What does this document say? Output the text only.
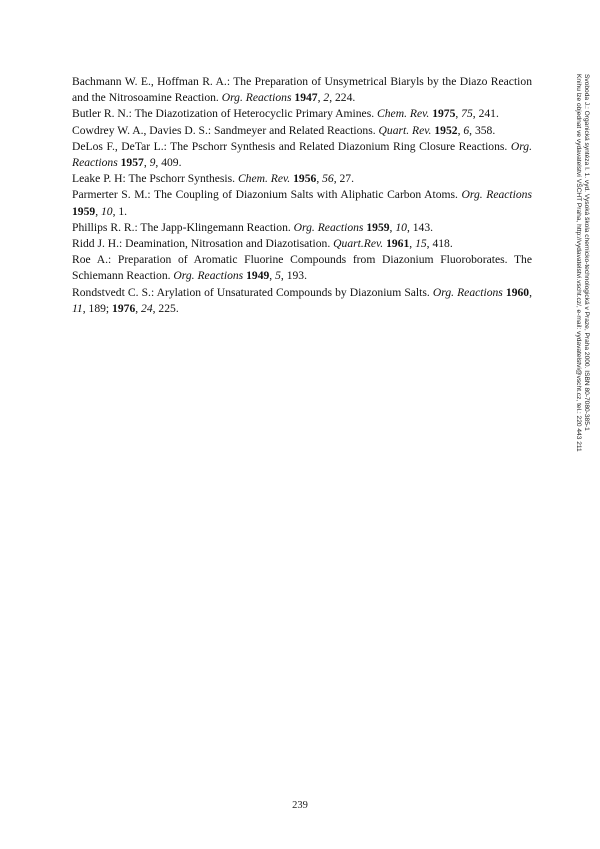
Bachmann W. E., Hoffman R. A.: The Preparation of Unsymetrical Biaryls by the Diazo Reaction and the Nitrosoamine Reaction. Org. Reactions 1947, 2, 224.

Butler R. N.: The Diazotization of Heterocyclic Primary Amines. Chem. Rev. 1975, 75, 241.

Cowdrey W. A., Davies D. S.: Sandmeyer and Related Reactions. Quart. Rev. 1952, 6, 358.

DeLos F., DeTar L.: The Pschorr Synthesis and Related Diazonium Ring Closure Reactions. Org. Reactions 1957, 9, 409.

Leake P. H: The Pschorr Synthesis. Chem. Rev. 1956, 56, 27.

Parmerter S. M.: The Coupling of Diazonium Salts with Aliphatic Carbon Atoms. Org. Reactions 1959, 10, 1.

Phillips R. R.: The Japp-Klingemann Reaction. Org. Reactions 1959, 10, 143.

Ridd J. H.: Deamination, Nitrosation and Diazotisation. Quart.Rev. 1961, 15, 418.

Roe A.: Preparation of Aromatic Fluorine Compounds from Diazonium Fluoroborates. The Schiemann Reaction. Org. Reactions 1949, 5, 193.

Rondstvedt C. S.: Arylation of Unsaturated Compounds by Diazonium Salts. Org. Reactions 1960, 11, 189; 1976, 24, 225.	Svoboda J.: Organická syntéza I. 1. vyd. Vysoká škola chemicko-technologická v Praze, Praha 2000. ISBN 80-7080-385-1
Knihu lze objednat ve vydavatelství VŠCHT Praha, http://vydavatelstvi.vscht.cz/, e-mail: vydavatelstvi@vscht.cz, tel.: 220 443 211
239
